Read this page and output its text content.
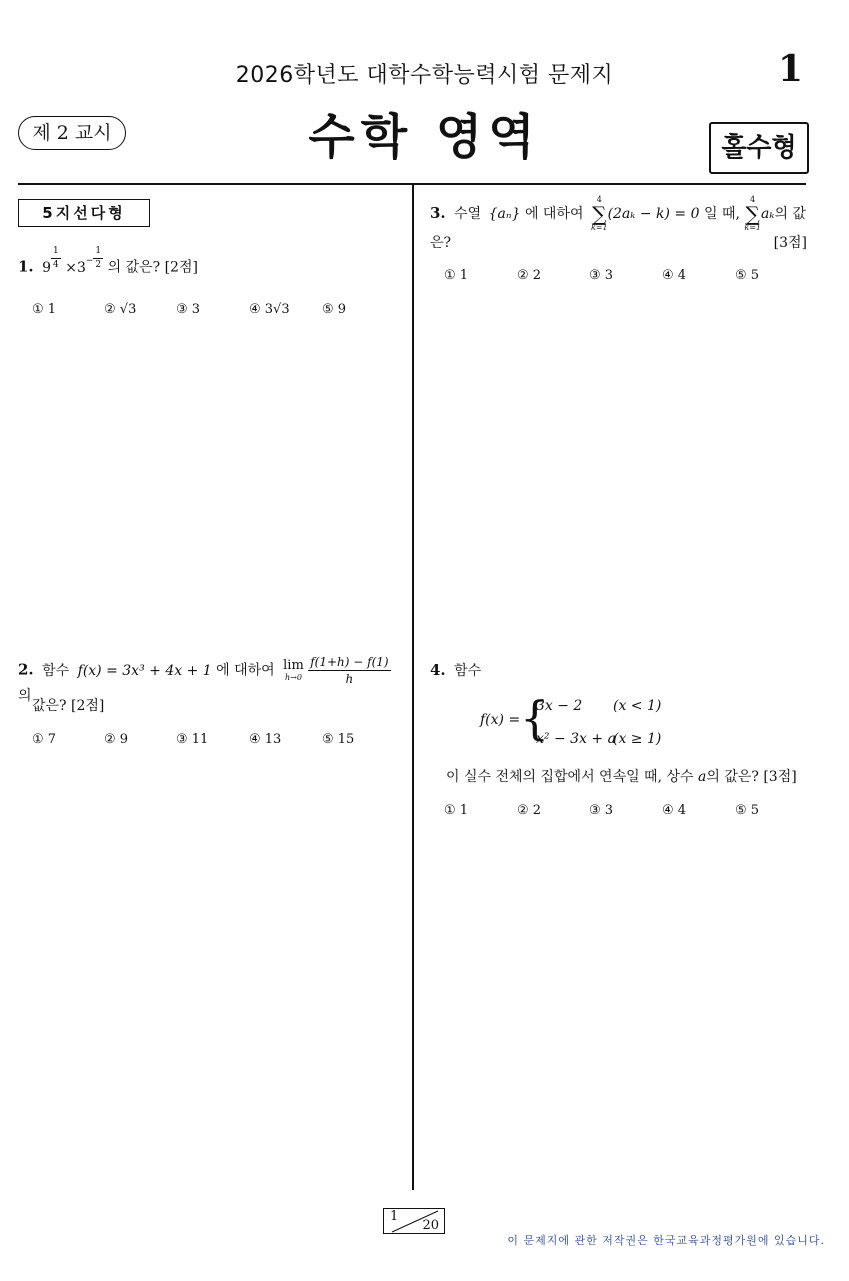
2026학년도 대학수학능력시험 문제지	1
제 2 교시	수학 영역	홀수형
5지선다형
1. $9 \frac{1}{4} \times 3^- \frac{1}{2}$ 의 값은? [2점]
① 1	② √3	③ 3	④ 3√3 ⑤ 9
2. 함수 f(x) = 3x³ + 4x + 1 에 대하여 lim
h→0
$\frac{f(1+h) - f(1)}{h}$
의
값은? [2점]
① 7	② 9	③ 11	④ 13	⑤ 15
3. 수열 {aₙ} 에 대하여
4
∑
k=1
(2aₖ − k) = 0 일 때,
4
∑
k=1
aₖ의 값은?	[3점]
① 1	② 2	③ 3	④ 4	⑤ 5
4. 함수
f(x) = {
3x − 2 (x < 1)
x² − 3x + a
(x ≥ 1)
이 실수 전체의 집합에서 연속일 때, 상수 a의 값은? [3점]
① 1	② 2	③ 3	④ 4	⑤ 5
1
20
이 문제지에 관한 저작권은 한국교육과정평가원에 있습니다.
